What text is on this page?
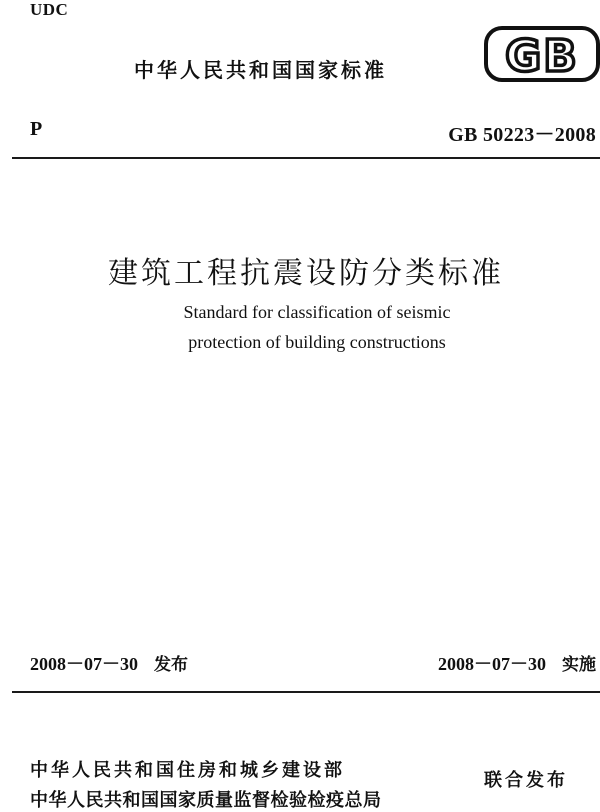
UDC
中华人民共和国国家标准	GB
P	GB 50223－2008
建筑工程抗震设防分类标准
Standard for classification of seismic
protection of building constructions
2008－07－30 发布	2008－07－30 实施
中华人民共和国住房和城乡建设部
中华人民共和国国家质量监督检验检疫总局
联合发布
